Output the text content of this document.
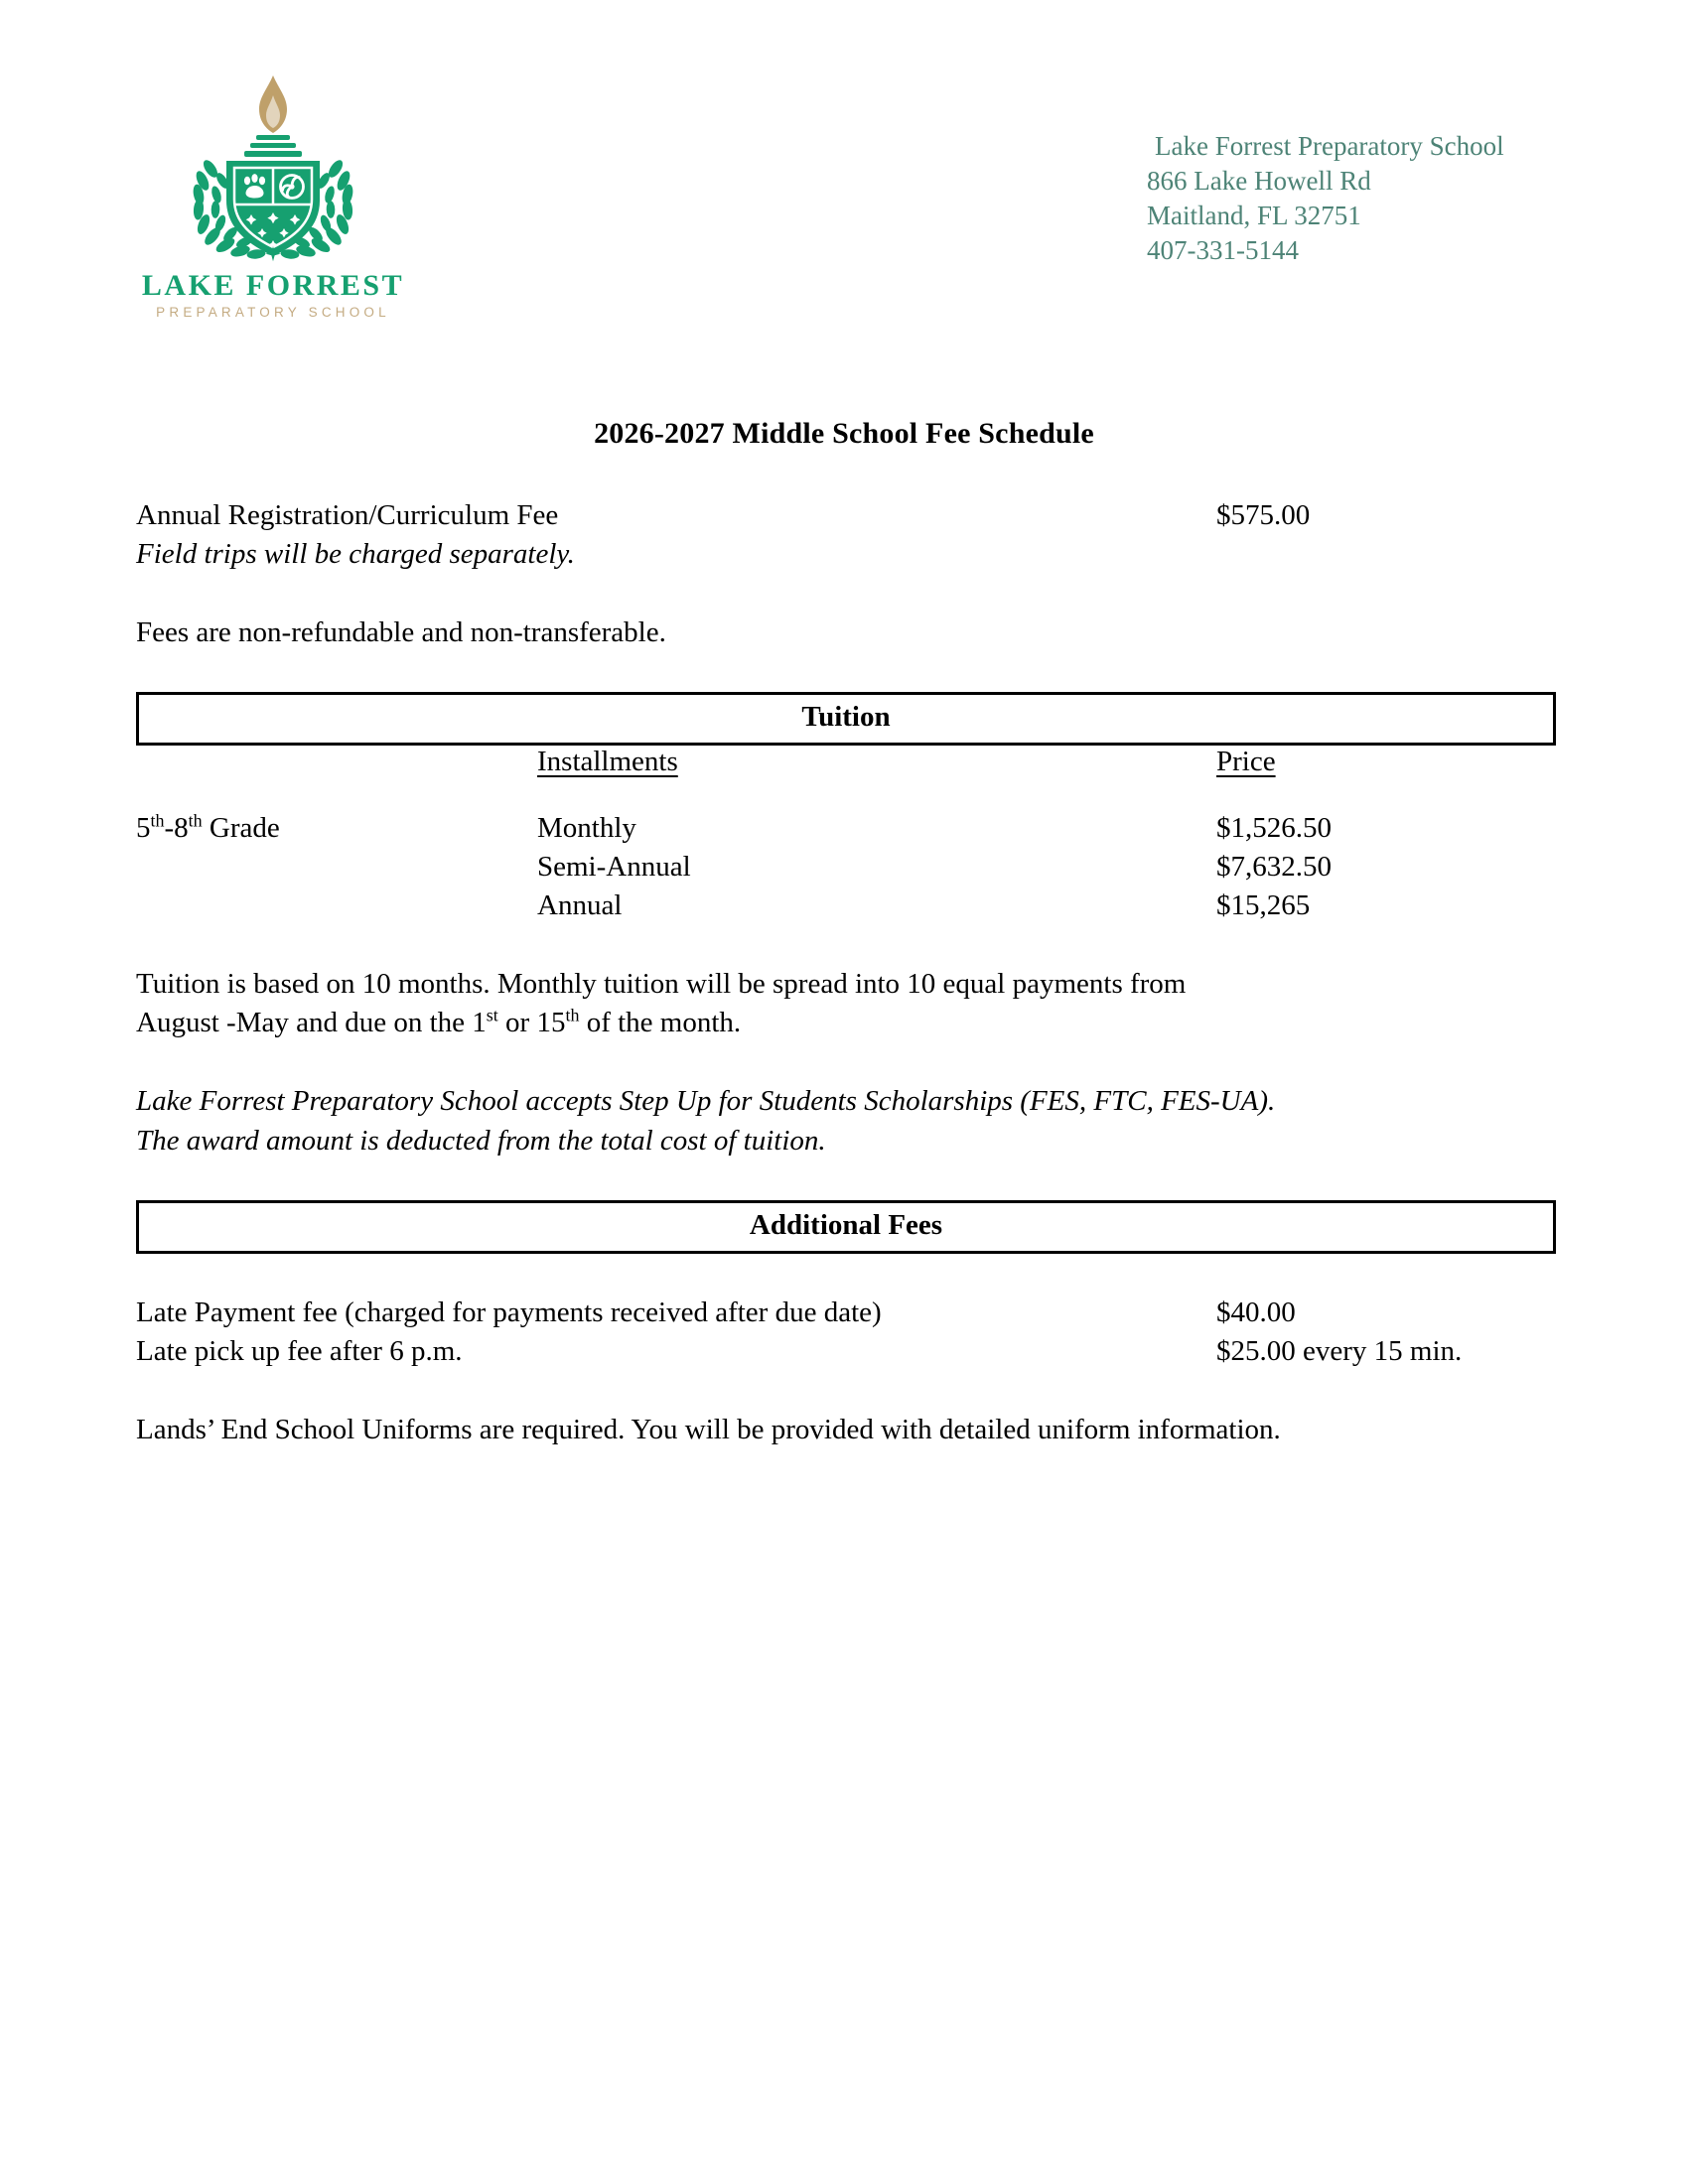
LAKE FORREST
PREPARATORY SCHOOL
Lake Forrest Preparatory School
866 Lake Howell Rd
Maitland, FL 32751
407-331-5144
2026-2027 Middle School Fee Schedule
Annual Registration/Curriculum Fee	$575.00
Field trips will be charged separately.
Fees are non-refundable and non-transferable.
Tuition
Installments	Price
5th-8th Grade	Monthly	$1,526.50
Semi-Annual	$7,632.50
Annual	$15,265
Tuition is based on 10 months. Monthly tuition will be spread into 10 equal payments from
August -May and due on the 1st or 15th of the month.
Lake Forrest Preparatory School accepts Step Up for Students Scholarships (FES, FTC, FES-UA).
The award amount is deducted from the total cost of tuition.
Additional Fees
Late Payment fee (charged for payments received after due date)	$40.00
Late pick up fee after 6 p.m.	$25.00 every 15 min.
Lands’ End School Uniforms are required. You will be provided with detailed uniform information.
